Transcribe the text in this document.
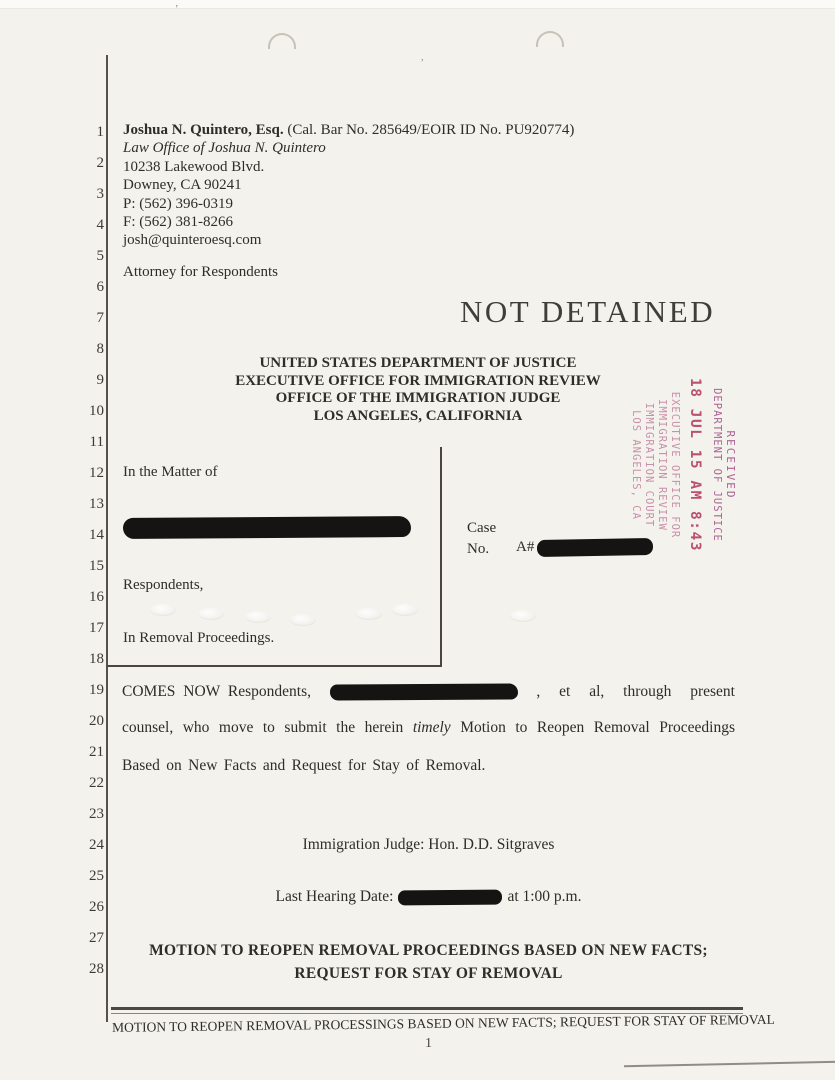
’
,
1
2
3
4
5
6
7
8
9
10
11
12
13
14
15
16
17
18
19
20
21
22
23
24
25
26
27
28
Joshua N. Quintero, Esq. (Cal. Bar No. 285649/EOIR ID No. PU920774)
Law Office of Joshua N. Quintero
10238 Lakewood Blvd.
Downey, CA 90241
P: (562) 396-0319
F: (562) 381-8266
josh@quinteroesq.com
Attorney for Respondents
NOT DETAINED
UNITED STATES DEPARTMENT OF JUSTICE
EXECUTIVE OFFICE FOR IMMIGRATION REVIEW
OFFICE OF THE IMMIGRATION JUDGE
LOS ANGELES, CALIFORNIA
RECEIVED
DEPARTMENT OF JUSTICE
18 JUL 15 AM 8:43
EXECUTIVE OFFICE FOR
IMMIGRATION REVIEW
IMMIGRATION COURT
LOS ANGELES, CA
In the Matter of
Respondents,
In Removal Proceedings.
Case
No.	A#
COMES NOW Respondents,	, et al, through present
counsel, who move to submit the herein timely Motion to Reopen Removal Proceedings
Based on New Facts and Request for Stay of Removal.
Immigration Judge: Hon. D.D. Sitgraves
Last Hearing Date:	at 1:00 p.m.
MOTION TO REOPEN REMOVAL PROCEEDINGS BASED ON NEW FACTS;
REQUEST FOR STAY OF REMOVAL
MOTION TO REOPEN REMOVAL PROCESSINGS BASED ON NEW FACTS; REQUEST FOR STAY OF REMOVAL
1
